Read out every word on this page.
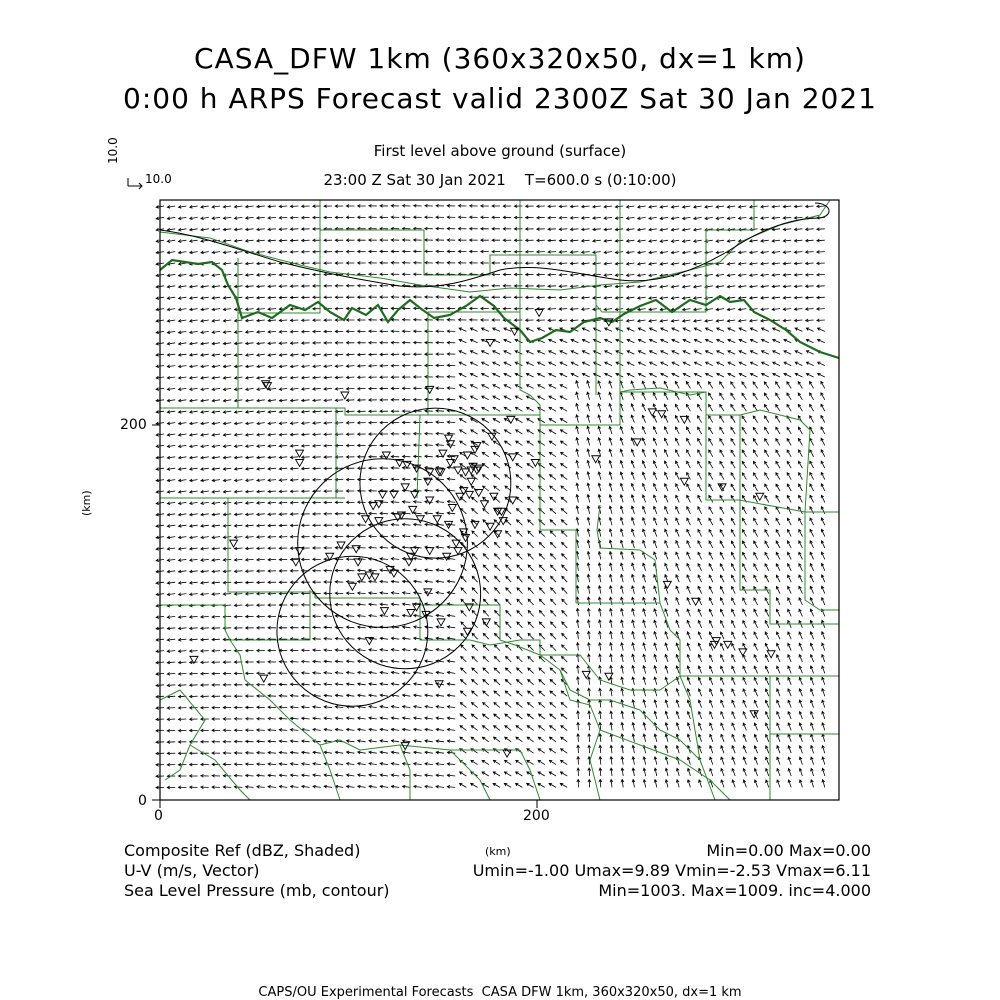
CASA_DFW 1km (360x320x50, dx=1 km)
0:00 h ARPS Forecast valid 2300Z Sat 30 Jan 2021
First level above ground (surface)
23:00 Z Sat 30 Jan 2021    T=600.0 s (0:10:00)
10.0
10.0
0
200
0	200
(km)
(km)
Composite Ref (dBZ, Shaded)
U-V (m/s, Vector)
Sea Level Pressure (mb, contour)
Min=0.00 Max=0.00
Umin=-1.00 Umax=9.89 Vmin=-2.53 Vmax=6.11
Min=1003. Max=1009. inc=4.000
CAPS/OU Experimental Forecasts  CASA DFW 1km, 360x320x50, dx=1 km
